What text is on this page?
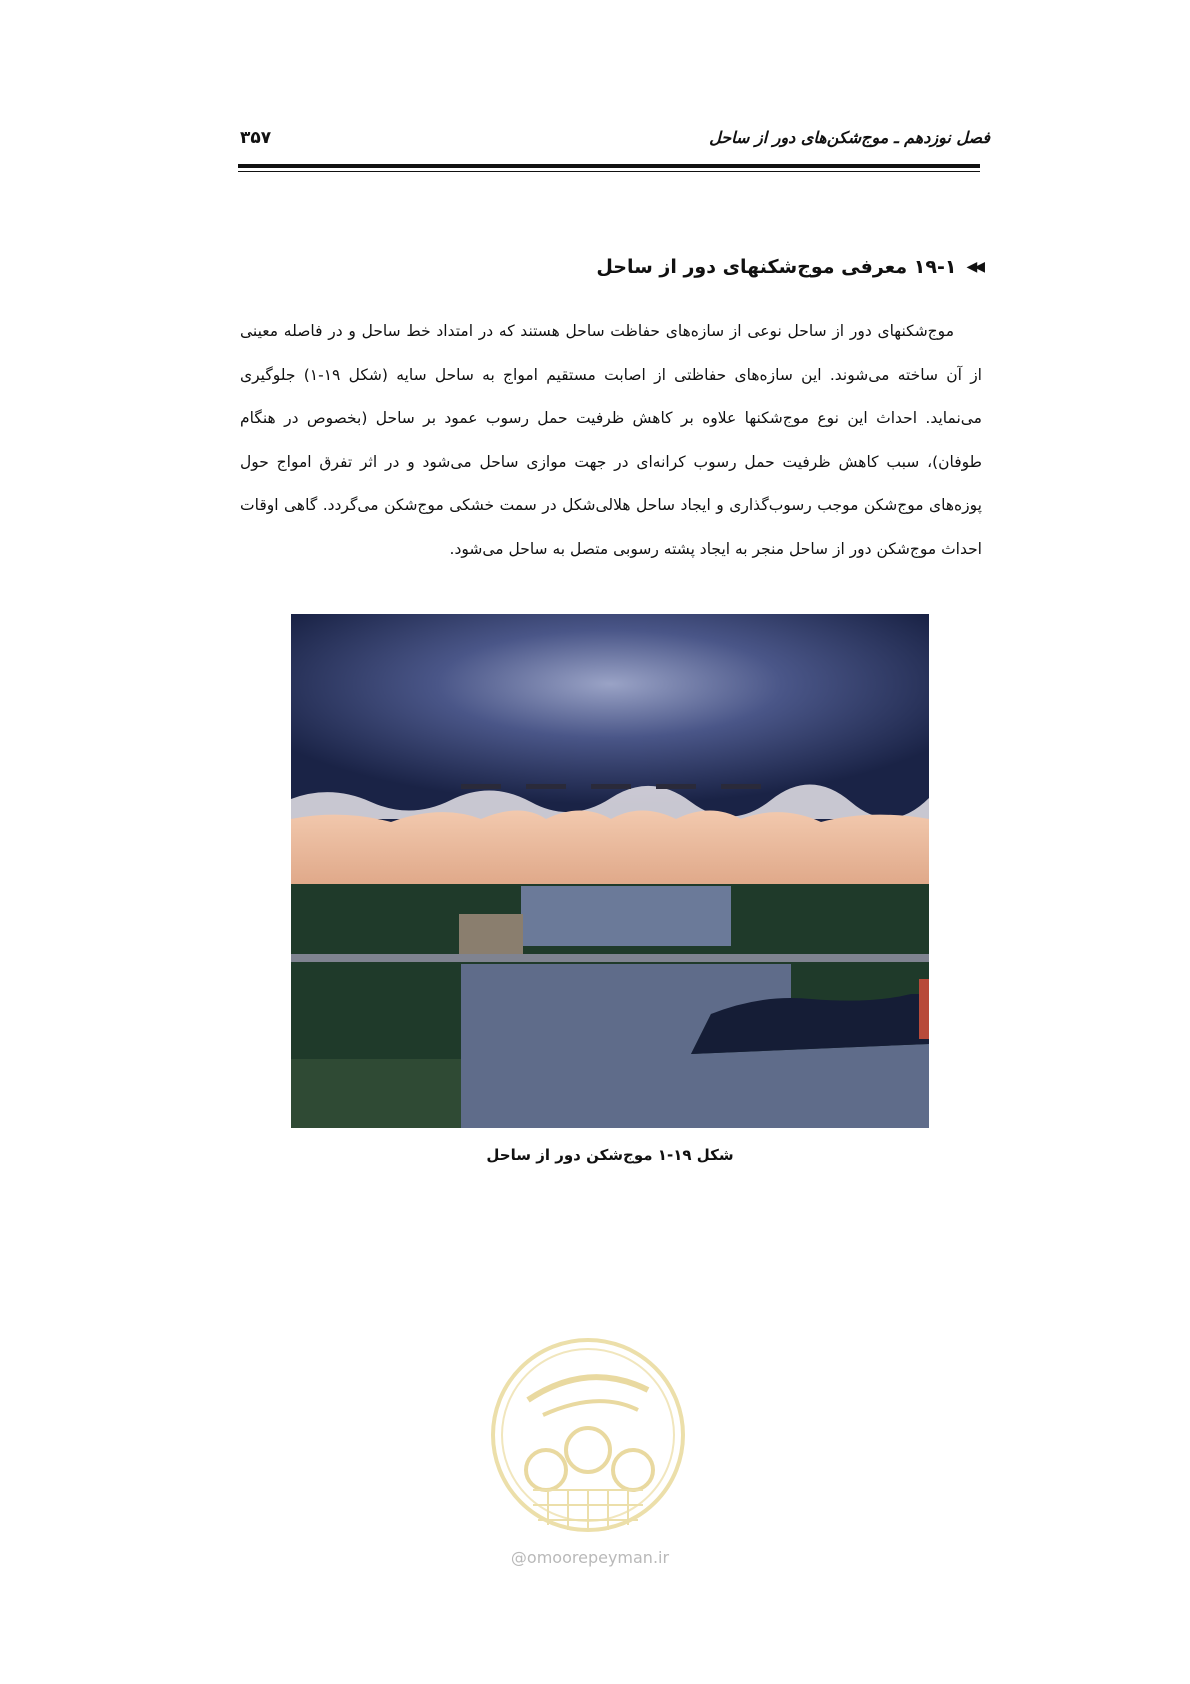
فصل نوزدهم ـ موج‌شکن‌های دور از ساحل
۳۵۷
◀◀
۱۹-۱ معرفی موج‌شکنهای دور از ساحل

موج‌شکنهای دور از ساحل نوعی از سازه‌های حفاظت ساحل هستند که در امتداد خط ساحل و در فاصله معینی از آن ساخته می‌شوند. این سازه‌های حفاظتی از اصابت مستقیم امواج به ساحل سایه (شکل ۱۹-۱) جلوگیری می‌نماید. احداث این نوع موج‌شکنها علاوه بر کاهش ظرفیت حمل رسوب عمود بر ساحل (بخصوص در هنگام طوفان)، سبب کاهش ظرفیت حمل رسوب کرانه‌ای در جهت موازی ساحل می‌شود و در اثر تفرق امواج حول پوزه‌های موج‌شکن موجب رسوب‌گذاری و ایجاد ساحل هلالی‌شکل در سمت خشکی موج‌شکن می‌گردد. گاهی اوقات احداث موج‌شکن دور از ساحل منجر به ایجاد پشته رسوبی متصل به ساحل می‌شود.

شکل ۱۹-۱ موج‌شکن دور از ساحل
@omoorepeyman.ir
